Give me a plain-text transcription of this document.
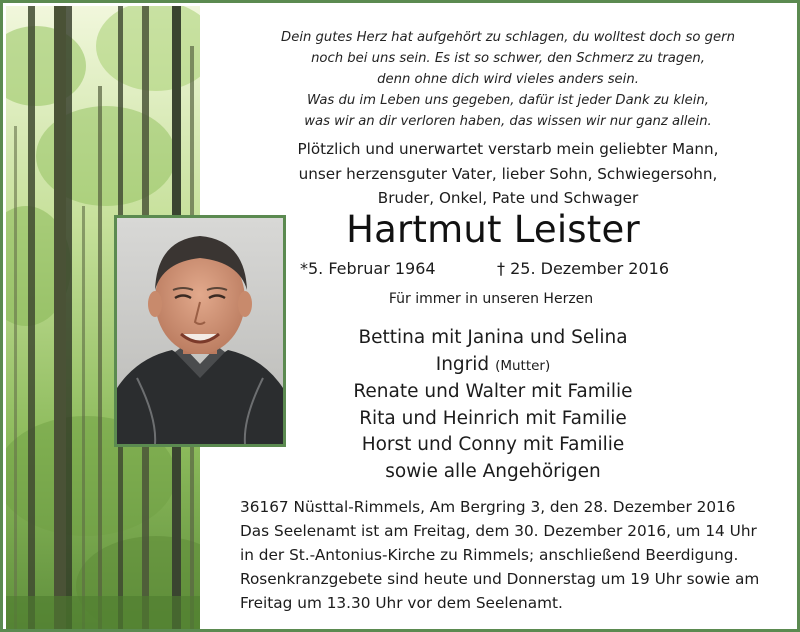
Dein gutes Herz hat aufgehört zu schlagen, du wolltest doch so gern
noch bei uns sein. Es ist so schwer, den Schmerz zu tragen,
denn ohne dich wird vieles anders sein.
Was du im Leben uns gegeben, dafür ist jeder Dank zu klein,
was wir an dir verloren haben, das wissen wir nur ganz allein.
Plötzlich und unerwartet verstarb mein geliebter Mann,
unser herzensguter Vater, lieber Sohn, Schwiegersohn,
Bruder, Onkel, Pate und Schwager
Hartmut Leister
*5. Februar 1964	† 25. Dezember 2016
Für immer in unseren Herzen
Bettina mit Janina und Selina
Ingrid (Mutter)
Renate und Walter mit Familie
Rita und Heinrich mit Familie
Horst und Conny mit Familie
sowie alle Angehörigen
36167 Nüsttal-Rimmels, Am Bergring 3, den 28. Dezember 2016
Das Seelenamt ist am Freitag, dem 30. Dezember 2016, um 14 Uhr
in der St.-Antonius-Kirche zu Rimmels; anschließend Beerdigung.
Rosenkranzgebete sind heute und Donnerstag um 19 Uhr sowie am
Freitag um 13.30 Uhr vor dem Seelenamt.
